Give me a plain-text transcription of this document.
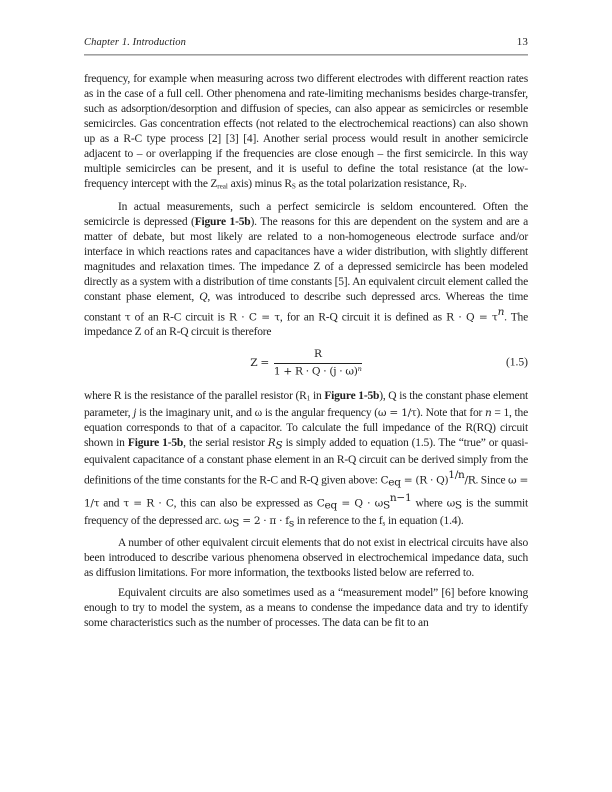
Chapter 1. Introduction	13

frequency, for example when measuring across two different electrodes with different reaction rates as in the case of a full cell. Other phenomena and rate-limiting mechanisms besides charge-transfer, such as adsorption/desorption and diffusion of species, can also appear as semicircles or resemble semicircles. Gas concentration effects (not related to the electrochemical reactions) can also shown up as a R-C type process [2] [3] [4]. Another serial process would result in another semicircle adjacent to – or overlapping if the frequencies are close enough – the first semicircle. In this way multiple semicircles can be present, and it is useful to define the total resistance (at the low-frequency intercept with the $Z_{real}$ axis) minus $R_S$ as the total polarization resistance, $R_P$.

In actual measurements, such a perfect semicircle is seldom encountered. Often the semicircle is depressed (Figure 1-5b). The reasons for this are dependent on the system and are a matter of debate, but most likely are related to a non-homogeneous electrode surface and/or interface in which reactions rates and capacitances have a wider distribution, with slightly different magnitudes and relaxation times. The impedance Z of a depressed semicircle has been modeled directly as a system with a distribution of time constants [5]. An equivalent circuit element called the constant phase element, Q, was introduced to describe such depressed arcs. Whereas the time constant τ of an R-C circuit is R · C = τ, for an R-Q circuit it is defined as R · Q = τn. The impedance Z of an R-Q circuit is therefore

$Z = \frac{R}{1 + R \cdot Q \cdot (j \cdot \omega)^n}$	(1.5)

where R is the resistance of the parallel resistor ($R_1$ in Figure 1-5b), Q is the constant phase element parameter, j is the imaginary unit, and ω is the angular frequency (ω = 1/τ). Note that for n = 1, the equation corresponds to that of a capacitor. To calculate the full impedance of the R(RQ) circuit shown in Figure 1-5b, the serial resistor RS is simply added to equation (1.5). The “true” or quasi-equivalent capacitance of a constant phase element in an R-Q circuit can be derived simply from the definitions of the time constants for the R-C and R-Q given above: Ceq = (R · Q)1/n/R. Since ω = 1/τ and τ = R · C, this can also be expressed as Ceq = Q · ωSn−1 where ωS is the summit frequency of the depressed arc. ωS = 2 · π · fs in reference to the $f_s$ in equation (1.4).

A number of other equivalent circuit elements that do not exist in electrical circuits have also been introduced to describe various phenomena observed in electrochemical impedance data, such as diffusion limitations. For more information, the textbooks listed below are referred to.

Equivalent circuits are also sometimes used as a “measurement model” [6] before knowing enough to try to model the system, as a means to condense the impedance data and try to identify some characteristics such as the number of processes. The data can be fit to an
